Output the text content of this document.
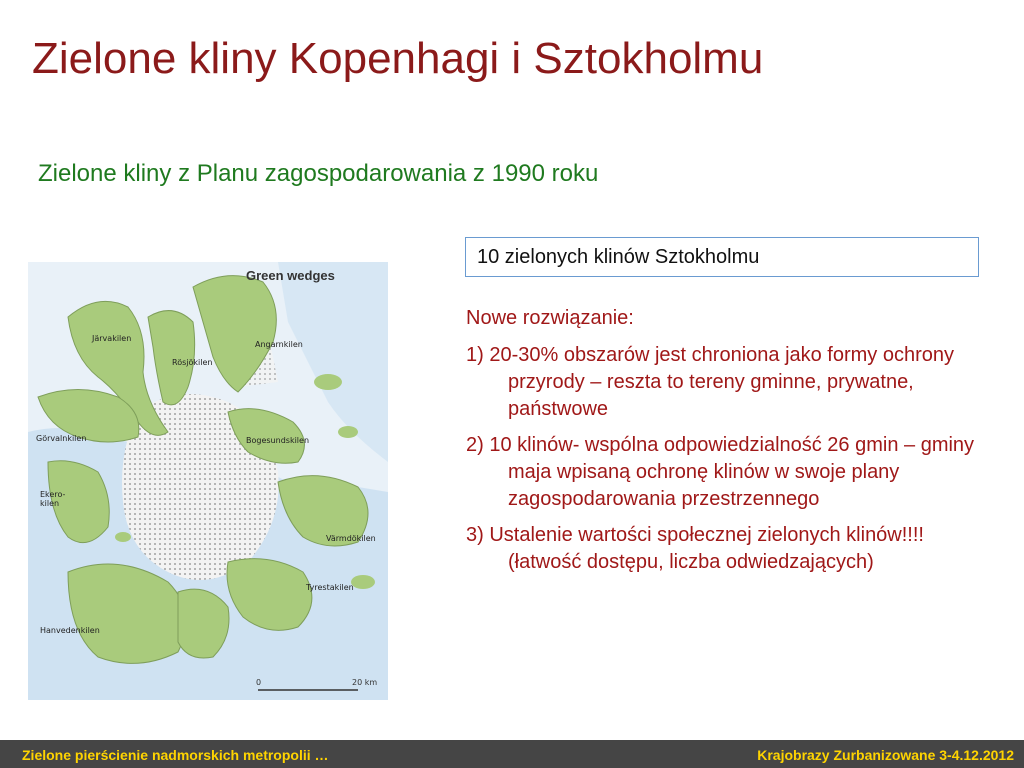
Zielone kliny Kopenhagi i Sztokholmu
Zielone kliny z Planu zagospodarowania z 1990 roku
Green wedges
Järvakilen
Rösjökilen
Angarnkilen
Görvalnkilen	Bogesundskilen
Ekero-
kilen
Värmdökilen
Tyrestakilen
Hanvedenkilen
0	20 km
10 zielonych klinów Sztokholmu
Nowe rozwiązanie:
1) 20-30% obszarów jest chroniona jako formy ochrony przyrody – reszta to tereny gminne, prywatne, państwowe
2) 10 klinów- wspólna odpowiedzialność 26 gmin – gminy maja wpisaną ochronę klinów w swoje plany zagospodarowania przestrzennego
3) Ustalenie wartości społecznej zielonych klinów!!!! (łatwość dostępu, liczba odwiedzających)
Zielone pierścienie nadmorskich metropolii …	Krajobrazy Zurbanizowane 3-4.12.2012
